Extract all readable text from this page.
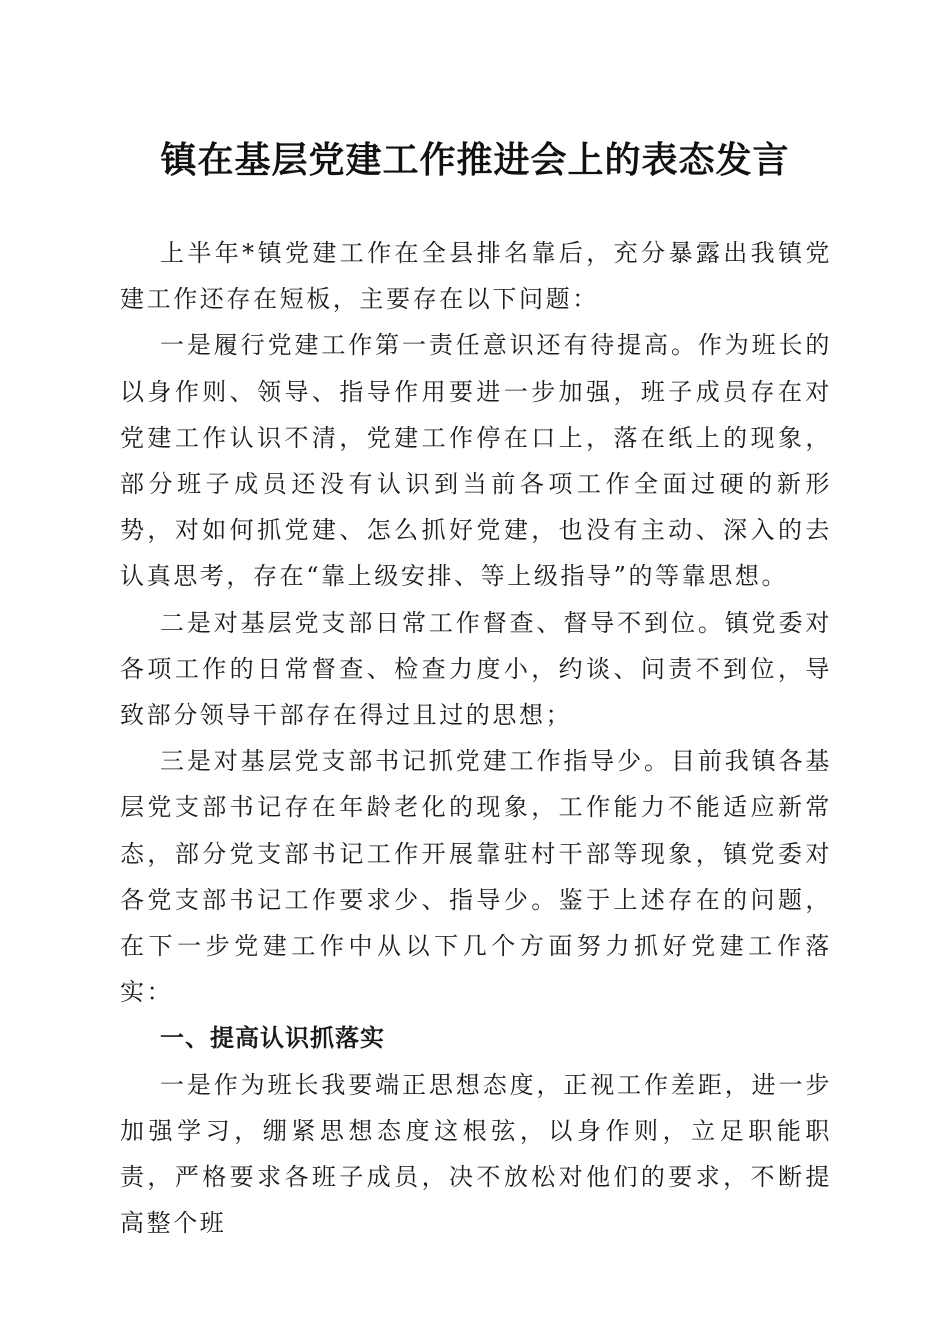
镇在基层党建工作推进会上的表态发言

上半年*镇党建工作在全县排名靠后，充分暴露出我镇党建工作还存在短板，主要存在以下问题：

一是履行党建工作第一责任意识还有待提高。作为班长的以身作则、领导、指导作用要进一步加强，班子成员存在对党建工作认识不清，党建工作停在口上，落在纸上的现象，部分班子成员还没有认识到当前各项工作全面过硬的新形势，对如何抓党建、怎么抓好党建，也没有主动、深入的去认真思考，存在“靠上级安排、等上级指导”的等靠思想。

二是对基层党支部日常工作督查、督导不到位。镇党委对各项工作的日常督查、检查力度小，约谈、问责不到位，导致部分领导干部存在得过且过的思想；

三是对基层党支部书记抓党建工作指导少。目前我镇各基层党支部书记存在年龄老化的现象，工作能力不能适应新常态，部分党支部书记工作开展靠驻村干部等现象，镇党委对各党支部书记工作要求少、指导少。鉴于上述存在的问题，在下一步党建工作中从以下几个方面努力抓好党建工作落实：

一、提高认识抓落实

一是作为班长我要端正思想态度，正视工作差距，进一步加强学习，绷紧思想态度这根弦，以身作则，立足职能职责，严格要求各班子成员，决不放松对他们的要求，不断提高整个班
